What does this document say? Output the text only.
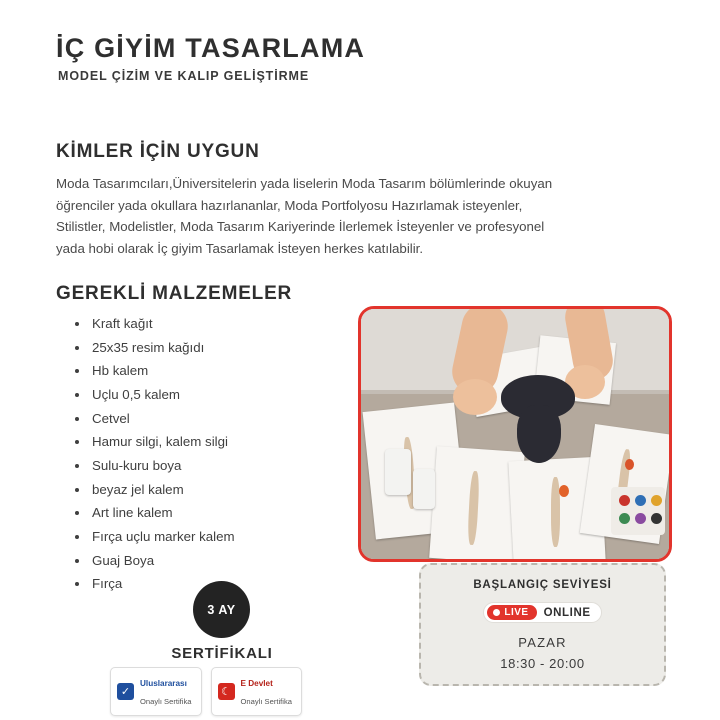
İÇ GİYİM TASARLAMA
MODEL ÇİZİM VE KALIP GELİŞTİRME
KİMLER İÇİN UYGUN
Moda Tasarımcıları,Üniversitelerin yada liselerin Moda Tasarım bölümlerinde okuyan öğrenciler yada okullara hazırlananlar, Moda Portfolyosu Hazırlamak isteyenler, Stilistler, Modelistler, Moda Tasarım Kariyerinde İlerlemek İsteyenler ve profesyonel yada hobi olarak İç giyim Tasarlamak İsteyen herkes katılabilir.
GEREKLİ MALZEMELER
• Kraft kağıt
• 25x35 resim kağıdı
• Hb kalem
• Uçlu 0,5 kalem
• Cetvel
• Hamur silgi, kalem silgi
• Sulu-kuru boya
• beyaz jel kalem
• Art line kalem
• Fırça uçlu marker kalem
• Guaj Boya
• Fırça
3 AY
SERTİFİKALI
✓
Uluslararası
Onaylı Sertifika
☾
E Devlet
Onaylı Sertifika
BAŞLANGIÇ SEVİYESİ
LIVE ONLINE
PAZAR
18:30 - 20:00
